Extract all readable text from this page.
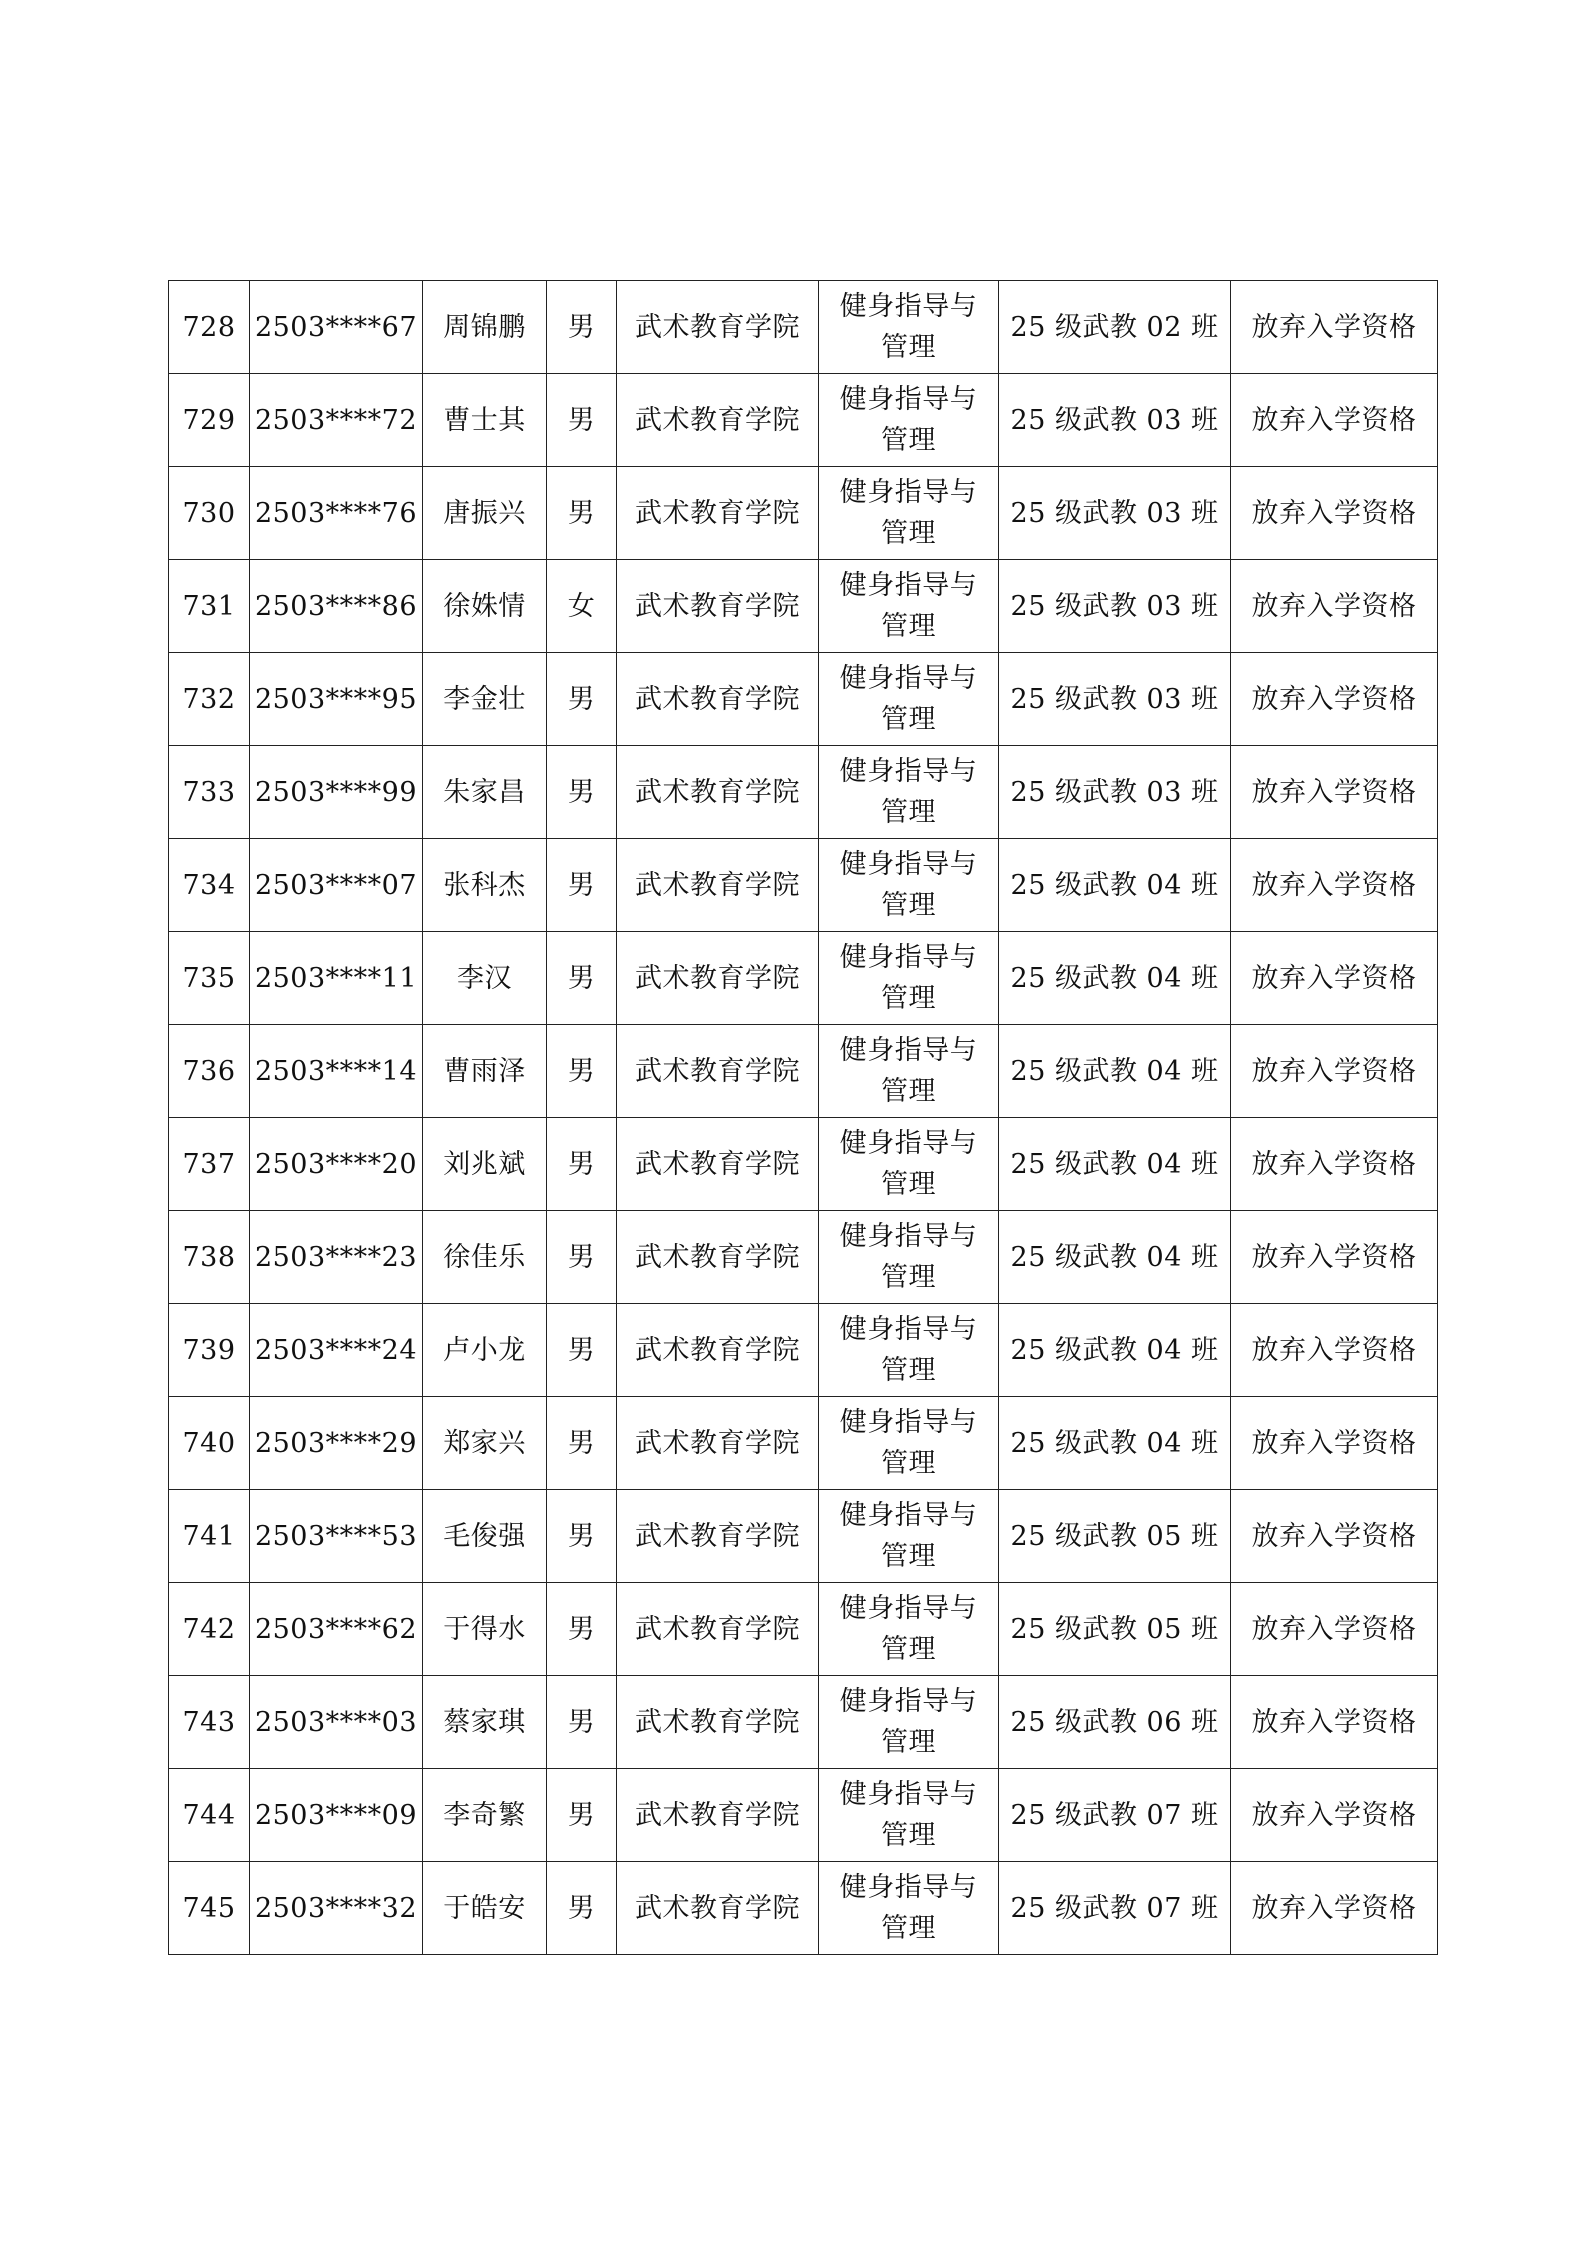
728	2503****67	周锦鹏	男	武术教育学院	健身指导与
管理	25 级武教 02 班	放弃入学资格
729	2503****72	曹士其	男	武术教育学院	健身指导与
管理	25 级武教 03 班	放弃入学资格
730	2503****76	唐振兴	男	武术教育学院	健身指导与
管理	25 级武教 03 班	放弃入学资格
731	2503****86	徐姝情	女	武术教育学院	健身指导与
管理	25 级武教 03 班	放弃入学资格
732	2503****95	李金壮	男	武术教育学院	健身指导与
管理	25 级武教 03 班	放弃入学资格
733	2503****99	朱家昌	男	武术教育学院	健身指导与
管理	25 级武教 03 班	放弃入学资格
734	2503****07	张科杰	男	武术教育学院	健身指导与
管理	25 级武教 04 班	放弃入学资格
735	2503****11	李汉	男	武术教育学院	健身指导与
管理	25 级武教 04 班	放弃入学资格
736	2503****14	曹雨泽	男	武术教育学院	健身指导与
管理	25 级武教 04 班	放弃入学资格
737	2503****20	刘兆斌	男	武术教育学院	健身指导与
管理	25 级武教 04 班	放弃入学资格
738	2503****23	徐佳乐	男	武术教育学院	健身指导与
管理	25 级武教 04 班	放弃入学资格
739	2503****24	卢小龙	男	武术教育学院	健身指导与
管理	25 级武教 04 班	放弃入学资格
740	2503****29	郑家兴	男	武术教育学院	健身指导与
管理	25 级武教 04 班	放弃入学资格
741	2503****53	毛俊强	男	武术教育学院	健身指导与
管理	25 级武教 05 班	放弃入学资格
742	2503****62	于得水	男	武术教育学院	健身指导与
管理	25 级武教 05 班	放弃入学资格
743	2503****03	蔡家琪	男	武术教育学院	健身指导与
管理	25 级武教 06 班	放弃入学资格
744	2503****09	李奇繁	男	武术教育学院	健身指导与
管理	25 级武教 07 班	放弃入学资格
745	2503****32	于皓安	男	武术教育学院	健身指导与
管理	25 级武教 07 班	放弃入学资格
